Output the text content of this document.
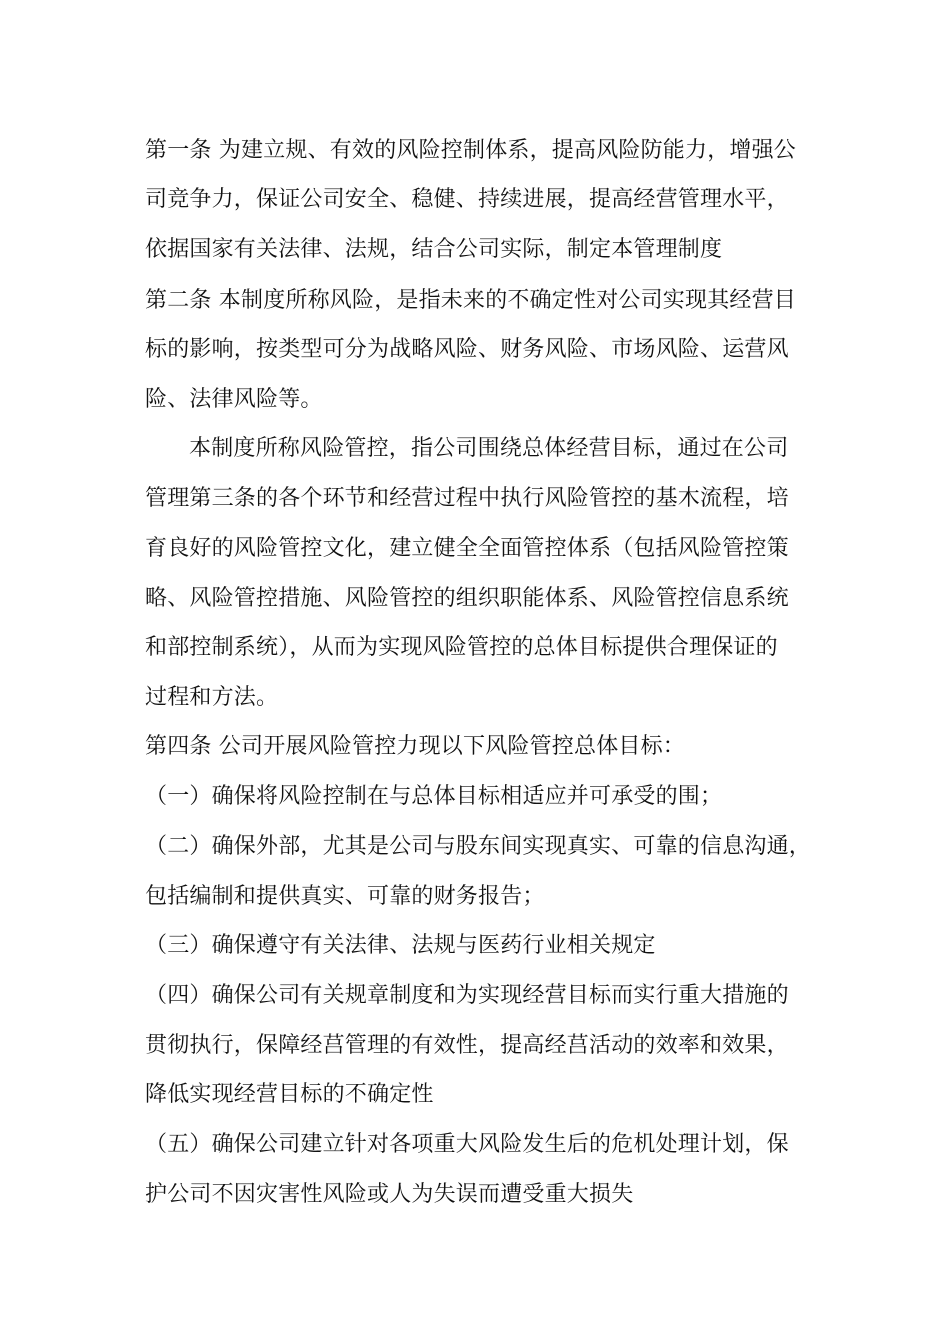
第一条 为建立规、有效的风险控制体系，提高风险防能力，增强公
司竞争力，保证公司安全、稳健、持续进展，提高经营管理水平，
依据国家有关法律、法规，结合公司实际，制定本管理制度
第二条 本制度所称风险，是指未来的不确定性对公司实现其经营目
标的影响，按类型可分为战略风险、财务风险、市场风险、运营风
险、法律风险等。
本制度所称风险管控，指公司围绕总体经营目标，通过在公司
管理第三条的各个环节和经营过程中执行风险管控的基木流程，培
育良好的风险管控文化，建立健全全面管控体系（包括风险管控策
略、风险管控措施、风险管控的组织职能体系、风险管控信息系统
和部控制系统），从而为实现风险管控的总体目标提供合理保证的
过程和方法。
第四条 公司开展风险管控力现以下风险管控总体目标：
（一）确保将风险控制在与总体目标相适应并可承受的围；
（二）确保外部，尤其是公司与股东间实现真实、可靠的信息沟通，
包括编制和提供真实、可靠的财务报告；
（三）确保遵守有关法律、法规与医药行业相关规定
（四）确保公司有关规章制度和为实现经营目标而实行重大措施的
贯彻执行，保障经莒管理的有效性，提高经莒活动的效率和效果，
降低实现经营目标的不确定性
（五）确保公司建立针对各项重大风险发生后的危机处理计划，保
护公司不因灾害性风险或人为失误而遭受重大损失
